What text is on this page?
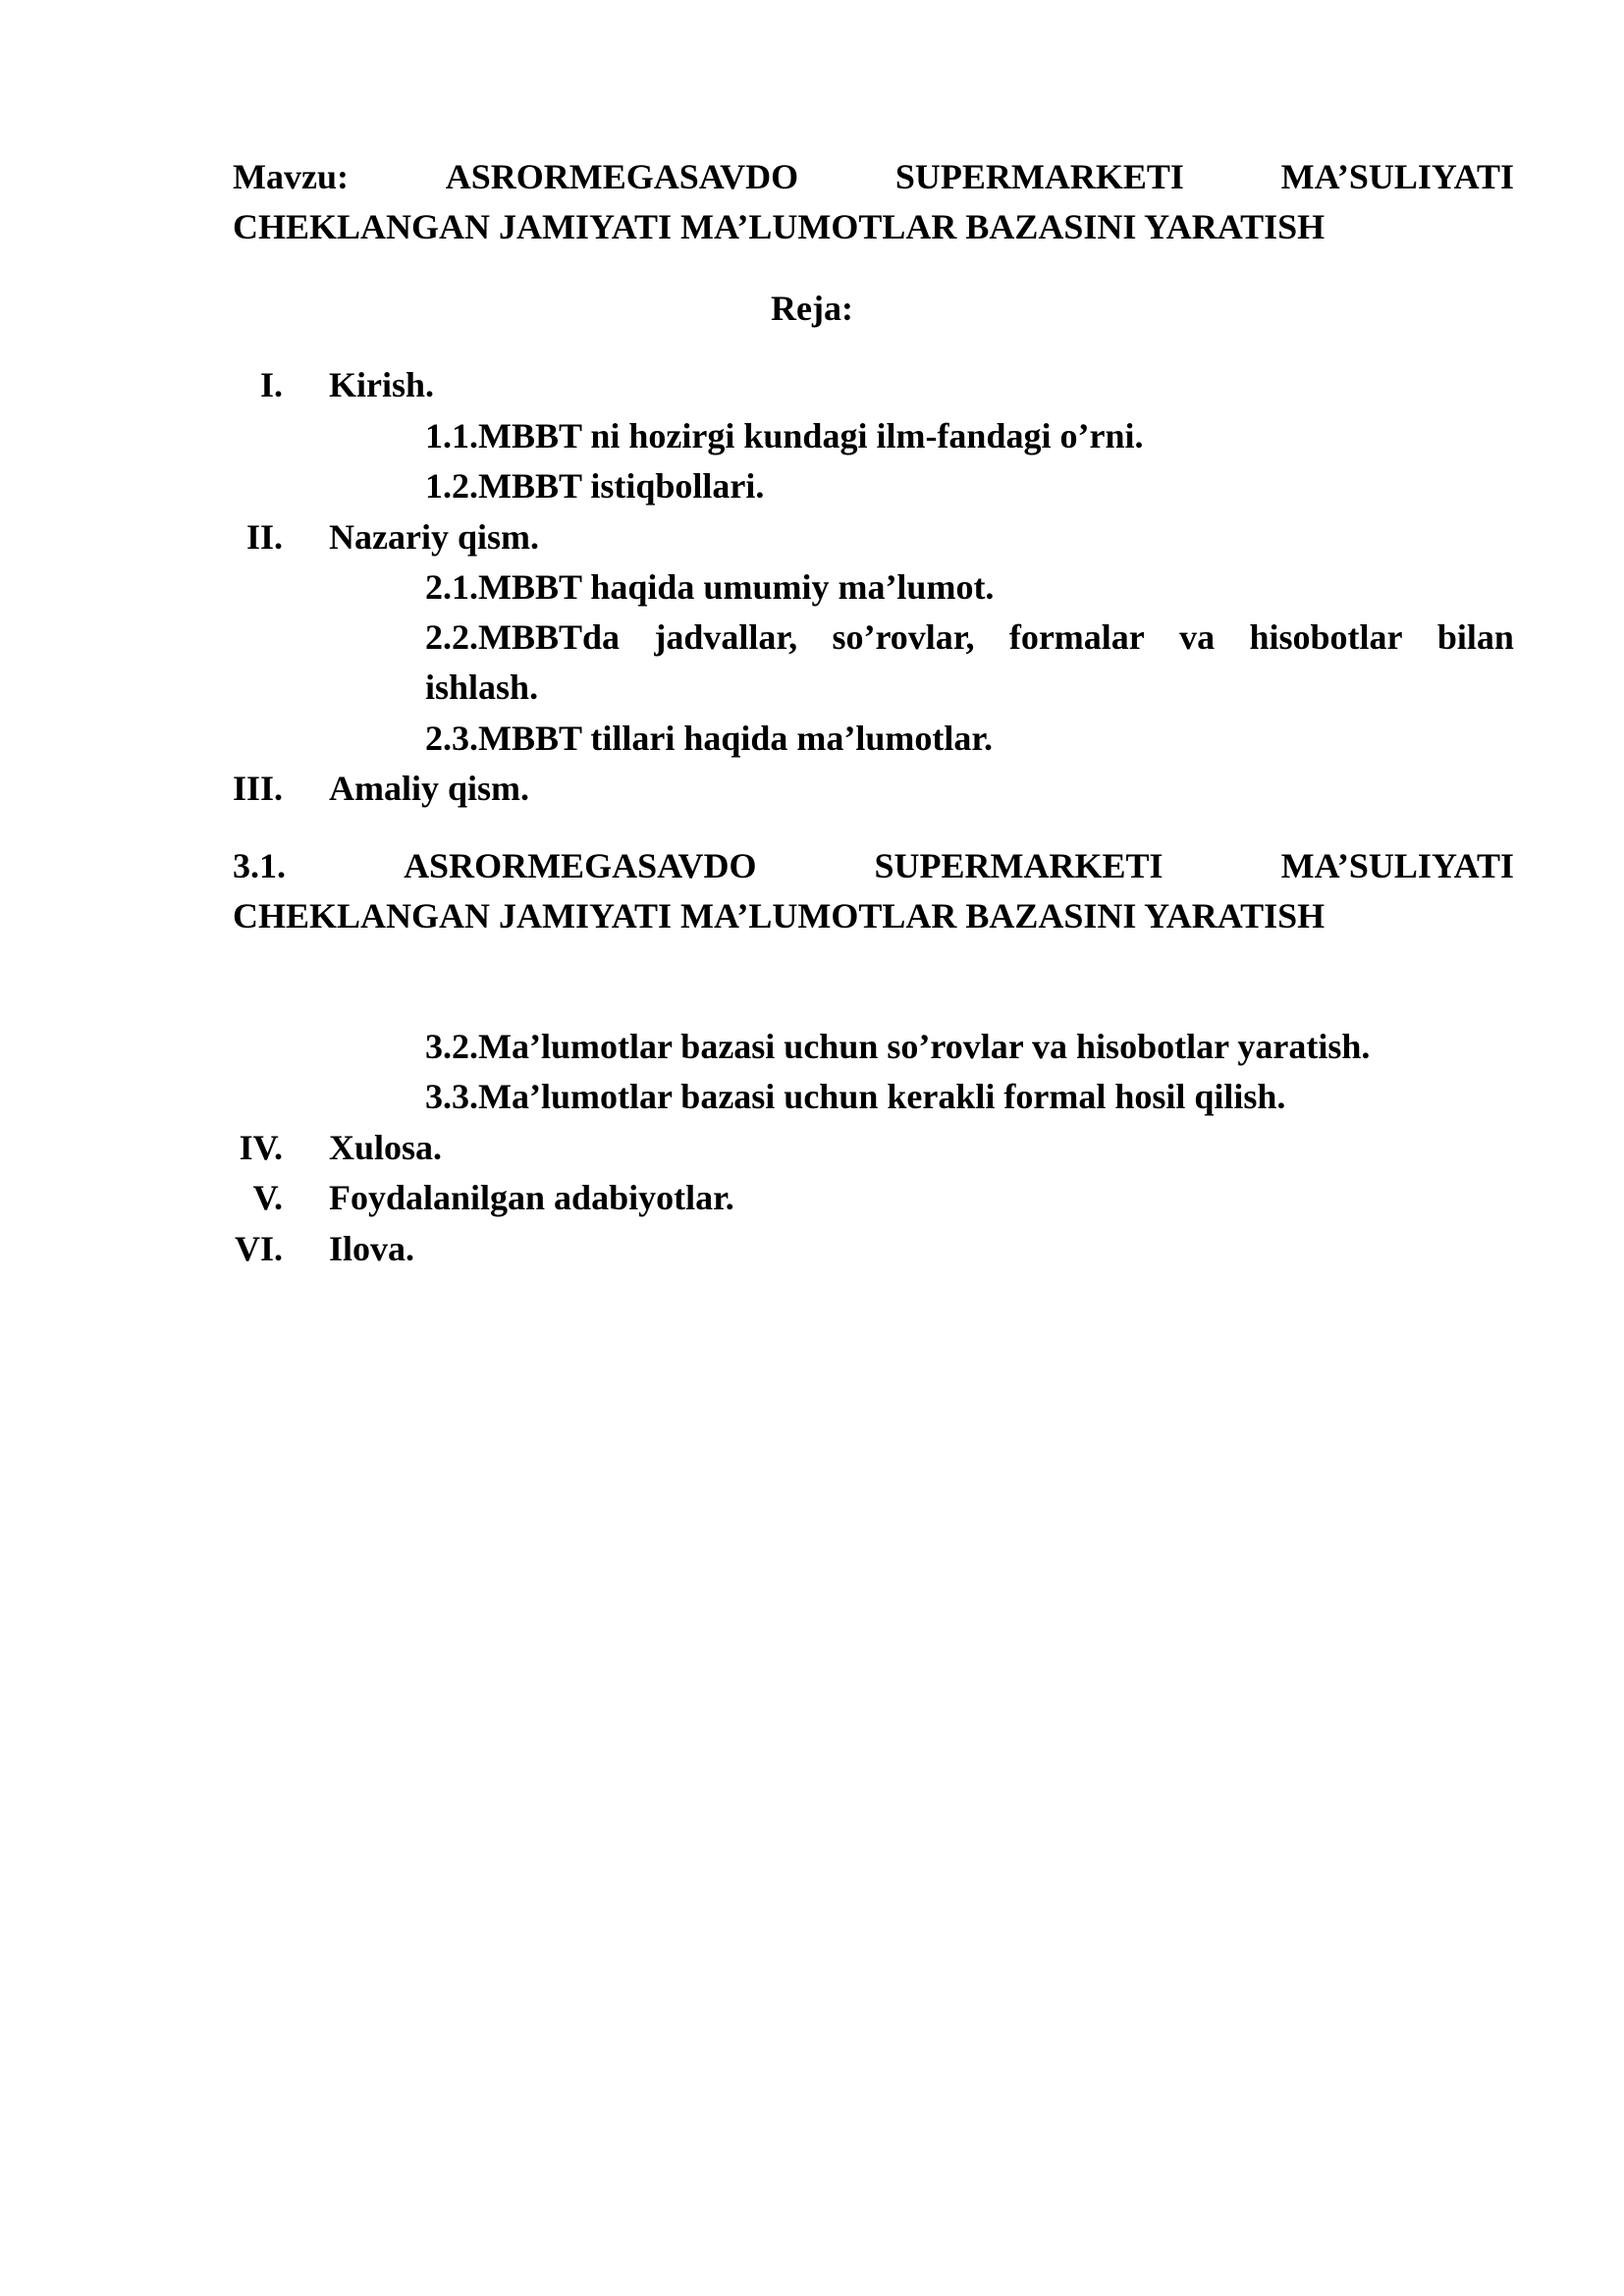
Mavzu:	ASRORMEGASAVDO	SUPERMARKETI	MA’SULIYATI
CHEKLANGAN JAMIYATI MA’LUMOTLAR BAZASINI YARATISH
Reja:
I. Kirish.
1.1.MBBT ni hozirgi kundagi ilm-fandagi o’rni.
1.2.MBBT istiqbollari.
II. Nazariy qism.
2.1.MBBT haqida umumiy ma’lumot.
2.2.MBBTda jadvallar, so’rovlar, formalar va hisobotlar bilan
ishlash.
2.3.MBBT tillari haqida ma’lumotlar.
III. Amaliy qism.
3.1.	ASRORMEGASAVDO	SUPERMARKETI	MA’SULIYATI
CHEKLANGAN JAMIYATI MA’LUMOTLAR BAZASINI YARATISH
3.2.Ma’lumotlar bazasi uchun so’rovlar va hisobotlar yaratish.
3.3.Ma’lumotlar bazasi uchun kerakli formal hosil qilish.
IV. Xulosa.
V. Foydalanilgan adabiyotlar.
VI. Ilova.
